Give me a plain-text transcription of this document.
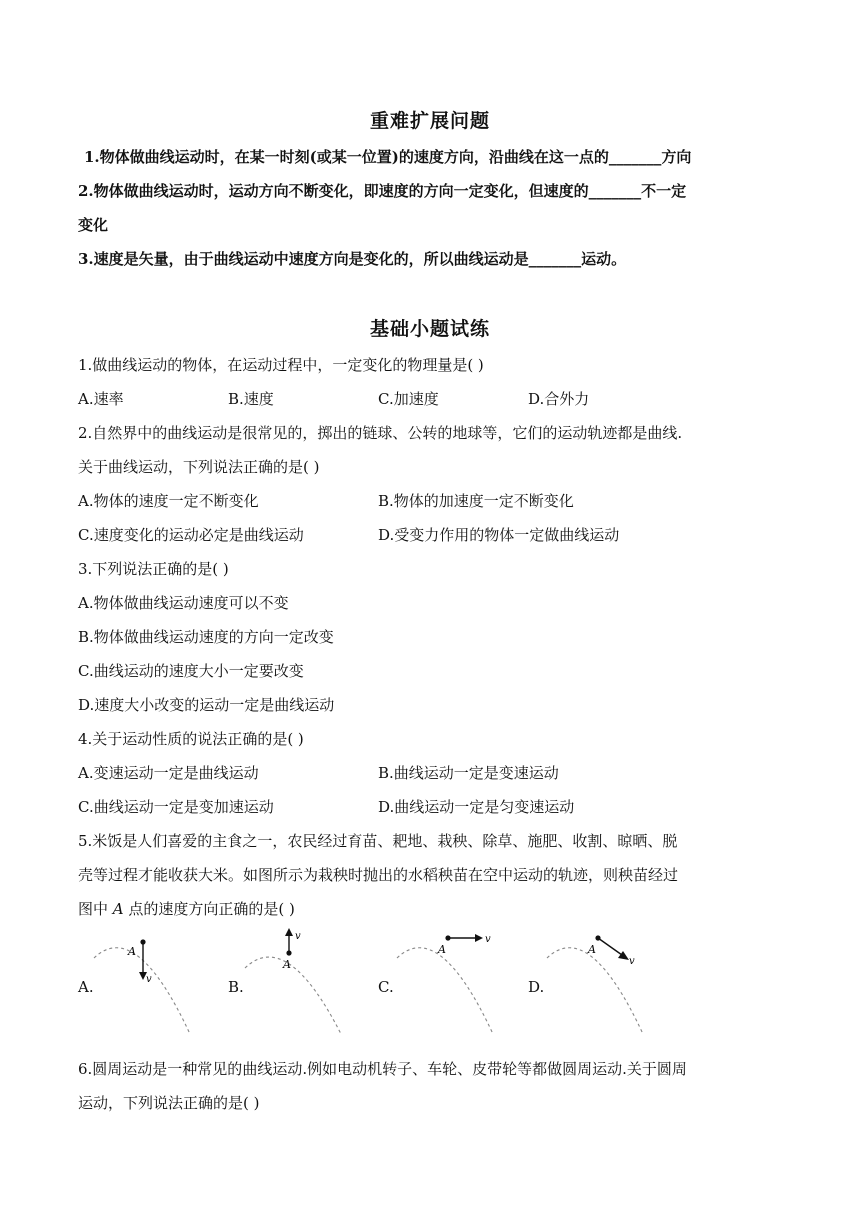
重难扩展问题
1.物体做曲线运动时，在某一时刻(或某一位置)的速度方向，沿曲线在这一点的_______方向
2.物体做曲线运动时，运动方向不断变化，即速度的方向一定变化，但速度的_______不一定
变化
3.速度是矢量，由于曲线运动中速度方向是变化的，所以曲线运动是_______运动。
基础小题试练
1.做曲线运动的物体，在运动过程中，一定变化的物理量是( )
A.速率	B.速度	C.加速度	D.合外力
2.自然界中的曲线运动是很常见的，掷出的链球、公转的地球等，它们的运动轨迹都是曲线.
关于曲线运动，下列说法正确的是( )
A.物体的速度一定不断变化	B.物体的加速度一定不断变化
C.速度变化的运动必定是曲线运动	D.受变力作用的物体一定做曲线运动
3.下列说法正确的是( )
A.物体做曲线运动速度可以不变
B.物体做曲线运动速度的方向一定改变
C.曲线运动的速度大小一定要改变
D.速度大小改变的运动一定是曲线运动
4.关于运动性质的说法正确的是( )
A.变速运动一定是曲线运动	B.曲线运动一定是变速运动
C.曲线运动一定是变加速运动	D.曲线运动一定是匀变速运动
5.米饭是人们喜爱的主食之一，农民经过育苗、耙地、栽秧、除草、施肥、收割、晾晒、脱
壳等过程才能收获大米。如图所示为栽秧时抛出的水稻秧苗在空中运动的轨迹，则秧苗经过
图中 A 点的速度方向正确的是( )
A.
A
v	B.
A
v
C.
A
v
D.
A
v
6.圆周运动是一种常见的曲线运动.例如电动机转子、车轮、皮带轮等都做圆周运动.关于圆周
运动，下列说法正确的是( )
